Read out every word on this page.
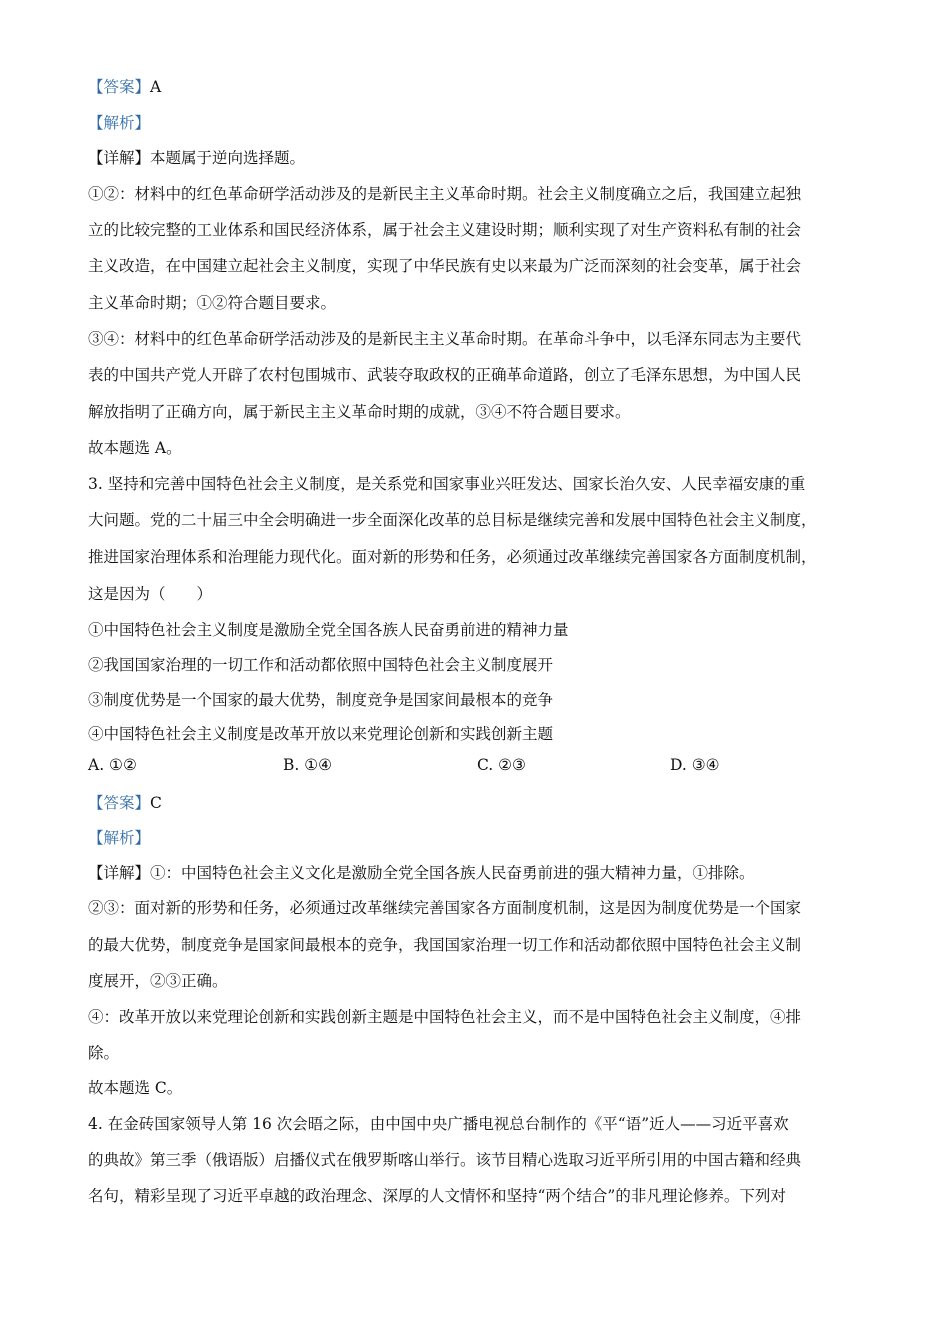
【答案】A
【解析】
【详解】本题属于逆向选择题。
①②：材料中的红色革命研学活动涉及的是新民主主义革命时期。社会主义制度确立之后，我国建立起独
立的比较完整的工业体系和国民经济体系，属于社会主义建设时期；顺利实现了对生产资料私有制的社会
主义改造，在中国建立起社会主义制度，实现了中华民族有史以来最为广泛而深刻的社会变革，属于社会
主义革命时期；①②符合题目要求。
③④：材料中的红色革命研学活动涉及的是新民主主义革命时期。在革命斗争中，以毛泽东同志为主要代
表的中国共产党人开辟了农村包围城市、武装夺取政权的正确革命道路，创立了毛泽东思想，为中国人民
解放指明了正确方向，属于新民主主义革命时期的成就，③④不符合题目要求。
故本题选 A。
3. 坚持和完善中国特色社会主义制度，是关系党和国家事业兴旺发达、国家长治久安、人民幸福安康的重
大问题。党的二十届三中全会明确进一步全面深化改革的总目标是继续完善和发展中国特色社会主义制度，
推进国家治理体系和治理能力现代化。面对新的形势和任务，必须通过改革继续完善国家各方面制度机制，
这是因为（　　）
①中国特色社会主义制度是激励全党全国各族人民奋勇前进的精神力量
②我国国家治理的一切工作和活动都依照中国特色社会主义制度展开
③制度优势是一个国家的最大优势，制度竞争是国家间最根本的竞争
④中国特色社会主义制度是改革开放以来党理论创新和实践创新主题
A. ①②	B. ①④	C. ②③	D. ③④
【答案】C
【解析】
【详解】①：中国特色社会主义文化是激励全党全国各族人民奋勇前进的强大精神力量，①排除。
②③：面对新的形势和任务，必须通过改革继续完善国家各方面制度机制，这是因为制度优势是一个国家
的最大优势，制度竞争是国家间最根本的竞争，我国国家治理一切工作和活动都依照中国特色社会主义制
度展开，②③正确。
④：改革开放以来党理论创新和实践创新主题是中国特色社会主义，而不是中国特色社会主义制度，④排
除。
故本题选 C。
4. 在金砖国家领导人第 16 次会晤之际，由中国中央广播电视总台制作的《平“语”近人——习近平喜欢
的典故》第三季（俄语版）启播仪式在俄罗斯喀山举行。该节目精心选取习近平所引用的中国古籍和经典
名句，精彩呈现了习近平卓越的政治理念、深厚的人文情怀和坚持“两个结合”的非凡理论修养。下列对
